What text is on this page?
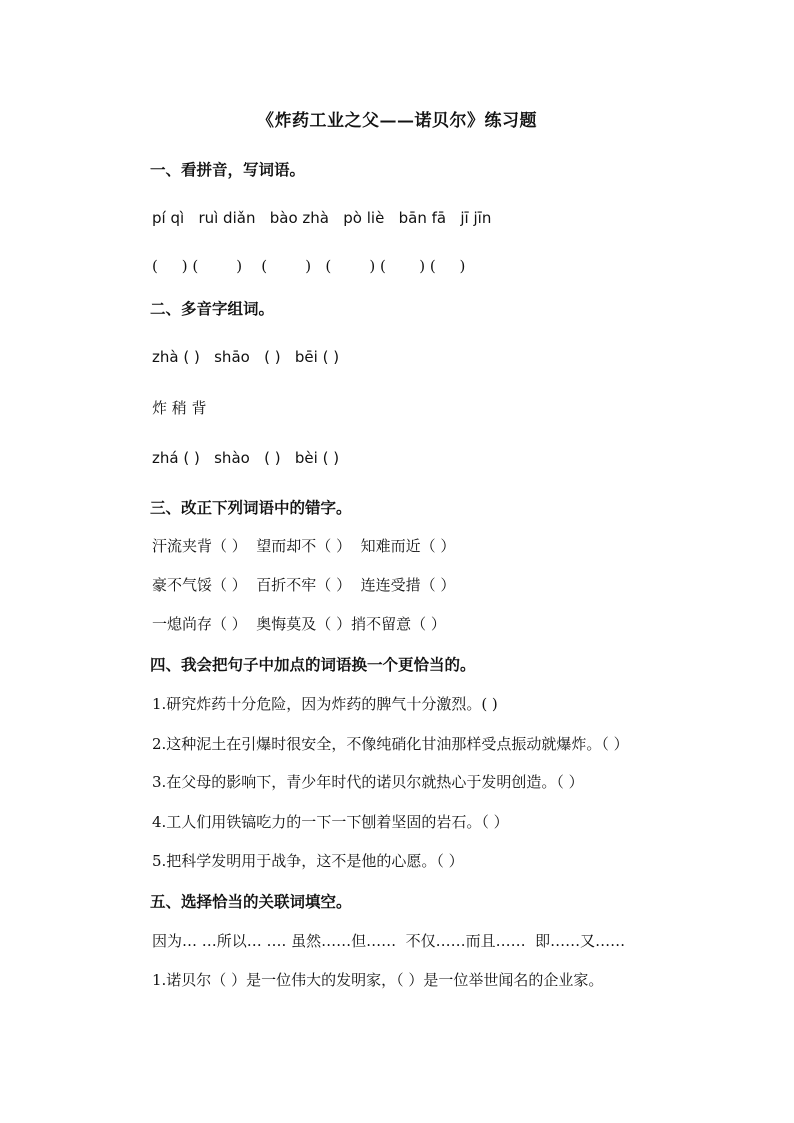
《炸药工业之父——诺贝尔》练习题
一、看拼音，写词语。
pí qì   ruì diǎn   bào zhà   pò liè   bān fā   jī jīn
(     ) (        )    (        )   (        ) (       ) (     )
二、多音字组词。
zhà ( )   shāo   ( )   bēi ( )
炸 稍 背
zhá ( )   shào   ( )   bèi ( )
三、改正下列词语中的错字。
汗流夹背（ ）  望而却不（ ）  知难而近（ ）
豪不气馁（ ）  百折不牢（ ）  连连受措（ ）
一熄尚存（ ）  奥悔莫及（ ）捎不留意（ ）
四、我会把句子中加点的词语换一个更恰当的。
1.研究炸药十分危险，因为炸药的脾气十分激烈。( )
2.这种泥土在引爆时很安全，不像纯硝化甘油那样受点振动就爆炸。（ ）
3.在父母的影响下，青少年时代的诺贝尔就热心于发明创造。（ ）
4.工人们用铁镐吃力的一下一下刨着坚固的岩石。（ ）
5.把科学发明用于战争，这不是他的心愿。（ ）
五、选择恰当的关联词填空。
因为… …所以… …. 虽然……但……  不仅……而且……  即……又……
1.诺贝尔（ ）是一位伟大的发明家，（ ）是一位举世闻名的企业家。
